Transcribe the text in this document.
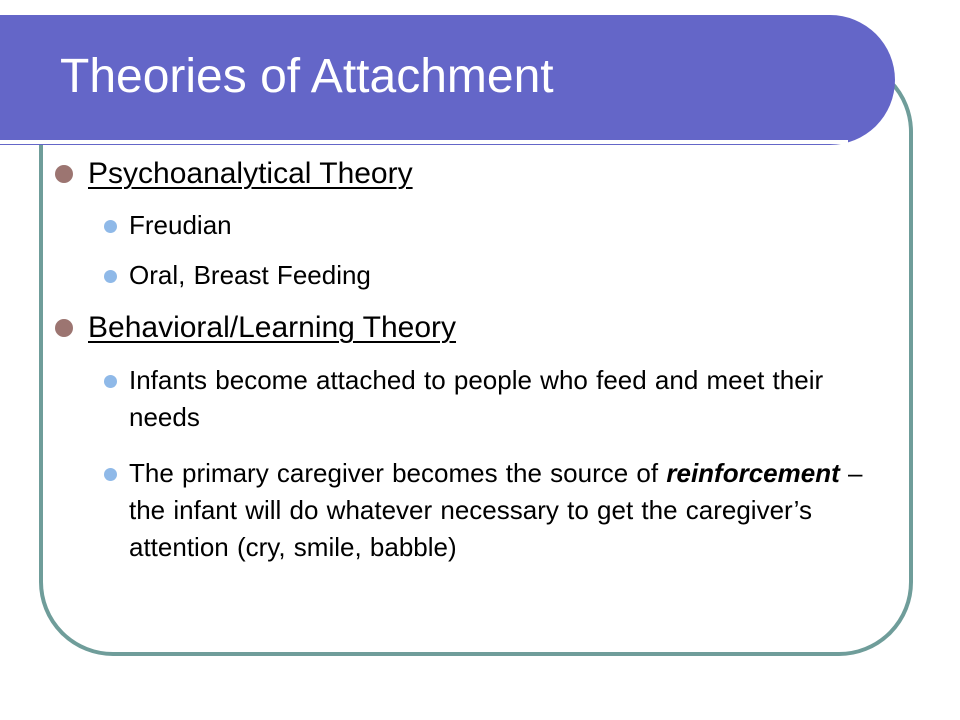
Theories of Attachment
Psychoanalytical Theory
Freudian
Oral, Breast Feeding
Behavioral/Learning Theory
Infants become attached to people who feed and meet their needs
The primary caregiver becomes the source of reinforcement – the infant will do whatever necessary to get the caregiver’s attention (cry, smile, babble)
